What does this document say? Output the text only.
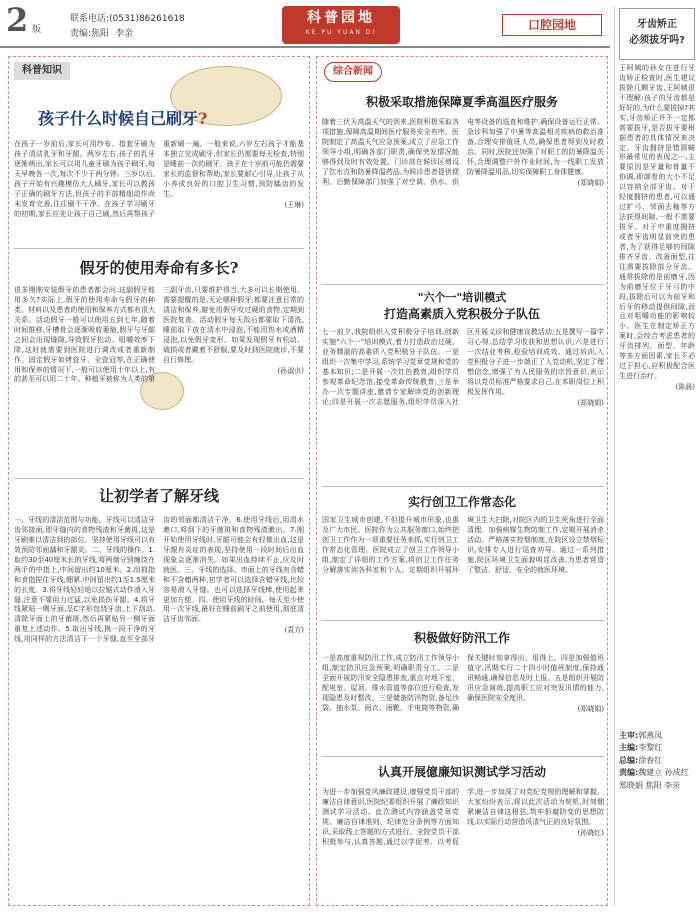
2 版
联系电话:(0531)86261618
责编:焦阳 李亲
科普园地
KE PU YUAN DI
口腔园地
科普知识
孩子什么时候自己刷牙?
在孩子一岁前后,家长可用纱布、指套牙刷为孩子清洁乳牙和牙龈。两岁左右,孩子的乳牙逐渐萌出,家长可以用儿童牙刷为孩子刷牙,每天早晚各一次,每次不少于两分钟。三岁以后,孩子开始有兴趣模仿大人刷牙,家长可以教孩子正确的刷牙方法,但孩子的手部精细动作尚未发育完善,往往刷不干净。在孩子学习刷牙的初期,家长应先让孩子自己刷,然后再帮孩子重新刷一遍。一般来说,六岁左右孩子才能基本独立完成刷牙,但家长仍需要每天检查,特别是睡前一次的刷牙。孩子在十岁前可能仍需要家长的监督和帮助,家长要耐心引导,让孩子从小养成良好的口腔卫生习惯,预防龋齿的发生。
(王琳)
假牙的使用寿命有多长?
很多刚刚安装假牙的患者都会问:这副假牙能用多久?实际上,假牙的使用寿命与假牙的种类、材料以及患者的使用和保养方式都有很大关系。活动假牙一般可以使用五到七年,随着时间推移,牙槽骨会逐渐吸收萎缩,假牙与牙龈之间会出现缝隙,导致假牙松动、咀嚼效率下降,这时就需要到医院进行调改或者重新制作。固定假牙如烤瓷牙、全瓷冠等,在正确使用和保养的情况下,一般可以使用十年以上,有的甚至可以用二十年。种植牙被称为人类的第三副牙齿,只要维护得当,大多可以长期使用。需要提醒的是,无论哪种假牙,都要注意日常的清洁和保养,避免用假牙咬过硬的食物,定期到医院复查。活动假牙每天饭后都要取下清洗,睡前取下放在清水中浸泡,不能用热水或酒精浸泡,以免假牙变形。如果发现假牙有松动、破损或者戴着不舒服,要及时到医院就诊,不要自行修理。
(孙淑贞)
让初学者了解牙线
一、牙线的清洁范围与功能。牙线可以清洁牙齿邻接面,即牙缝内的食物残渣和牙菌斑,这是牙刷难以清洁到的部位。坚持使用牙线可以有效预防邻面龋和牙龈炎。二、牙线的操作。1.取约30至40厘米长的牙线,将两端分别缠绕在两手的中指上,中间留出约10厘米。2.用拇指和食指捏住牙线,绷紧,中间留出约1至1.5厘米的长度。3.将牙线轻轻地以拉锯式动作滑入牙缝,注意不要用力过猛,以免损伤牙龈。4.将牙线紧贴一侧牙面,呈C字形包绕牙齿,上下刮动,清除牙面上的牙菌斑,然后再紧贴另一侧牙面重复上述动作。5.取出牙线,换一段干净的牙线,用同样的方法清洁下一个牙缝,直至全部牙齿的邻面都清洁干净。6.使用牙线后,用清水漱口,将刮下的牙菌斑和食物残渣漱出。7.刚开始使用牙线时,牙龈可能会有轻微出血,这是牙龈有炎症的表现,坚持使用一段时间后出血现象会逐渐消失。如果出血持续不止,应及时就医。三、牙线的选择。市面上的牙线有含蜡和不含蜡两种,初学者可以选择含蜡牙线,比较容易滑入牙缝。也可以选择牙线棒,使用起来更加方便。四、使用牙线的时间。每天至少使用一次牙线,最好在睡前刷牙之前使用,彻底清洁牙齿邻面。
(袁方)
综合新闻
积极采取措施保障夏季高温医疗服务
随着三伏天高温天气的到来,医院积极采取各项措施,保障高温期间医疗服务安全有序。医院制定了高温天气应急预案,成立了应急工作领导小组,明确各部门职责,确保突发情况能够得到及时有效处置。门诊部在候诊区增设了饮水点和防暑降温药品,为候诊患者提供便利。后勤保障部门加强了对空调、供水、供电等设备的巡查和维护,确保设备运行正常。急诊科加强了中暑等高温相关疾病的救治准备,合理安排值班人员,确保患者得到及时救治。同时,医院还加强了对职工的防暑降温关怀,合理调整户外作业时间,为一线职工发放防暑降温用品,切实保障职工身体健康。
(郑晓娟)
"六个一"培训模式
打造高素质入党积极分子队伍
七一前夕,我院组织入党积极分子培训,创新实施"六个一"培训模式,着力打造政治过硬、业务精湛的高素质入党积极分子队伍。一是组织一次集中学习,系统学习党章党规和党的基本知识;二是开展一次红色教育,组织学员参观革命纪念馆,接受革命传统教育;三是举办一次专题讲座,邀请专家解读党的创新理论;四是开展一次志愿服务,组织学员深入社区开展义诊和健康宣教活动;五是撰写一篇学习心得,总结学习收获和思想认识;六是进行一次结业考核,检验培训成效。通过培训,入党积极分子进一步端正了入党动机,坚定了理想信念,增强了为人民服务的宗旨意识,表示将以党员标准严格要求自己,在本职岗位上积极发挥作用。
(郑晓娟)
实行创卫工作常态化
国家卫生城市创建,不但提升城市形象,也惠及广大市民。医院作为公共服务窗口,始终把创卫工作作为一项重要任务来抓,实行创卫工作常态化管理。医院成立了创卫工作领导小组,制定了详细的工作方案,将创卫工作任务分解落实到各科室和个人。定期组织开展环境卫生大扫除,对院区内的卫生死角进行全面清理。加强病媒生物防制工作,定期开展消杀活动。严格落实控烟制度,在院区设立禁烟标识,安排专人进行巡查劝导。通过一系列措施,院区环境卫生面貌明显改善,为患者营造了整洁、舒适、安全的就医环境。
积极做好防汛工作
一是高度重视防汛工作,成立防汛工作领导小组,制定防汛应急预案,明确职责分工。二是全面开展防汛安全隐患排查,重点对地下室、配电室、屋顶、排水管道等部位进行检查,发现隐患及时整改。三是储备防汛物资,备足沙袋、抽水泵、雨衣、雨靴、手电筒等物资,确保关键时刻拿得出、用得上。四是加强值班值守,汛期实行二十四小时值班制度,保持通讯畅通,确保信息及时上报。五是组织开展防汛应急演练,提高职工应对突发汛情的能力,确保医院安全度汛。
(郑晓娟)
认真开展億廉知识测试学习活动
为进一步加强党风廉政建设,增强党员干部的廉洁自律意识,医院纪委组织开展了廉政知识测试学习活动。此次测试内容涵盖党章党规、廉洁自律准则、纪律处分条例等方面知识,采取线上答题的方式进行。全院党员干部积极参与,认真答题,通过以学促考、以考促学,进一步加深了对党纪党规的理解和掌握。大家纷纷表示,将以此次活动为契机,时刻绷紧廉洁自律这根弦,筑牢拒腐防变的思想防线,以实际行动营造风清气正的良好氛围。
(孙晓红)
牙齿矫正
必须拔牙吗?
王阿姨的孙女在进行牙齿矫正检查时,医生建议拔除几颗牙齿,王阿姨很不理解:孩子的牙齿都是好好的,为什么要拔掉?其实,牙齿矫正并不一定都需要拔牙,是否拔牙要根据患者的具体情况来决定。牙齿拥挤是错颌畸形最常见的表现之一,主要原因是牙量和骨量不协调,即颌骨的大小不足以容纳全部牙齿。对于轻度拥挤的患者,可以通过扩弓、邻面去釉等方法获得间隙,一般不需要拔牙。对于中重度拥挤或者牙齿明显前突的患者,为了获得足够的间隙排齐牙齿、改善面型,往往需要拔除部分牙齿。通常拔除的是前磨牙,因为前磨牙位于牙弓的中段,拔除后可以为前牙和后牙的移动提供间隙,而且对咀嚼功能的影响较小。医生在制定矫正方案时,会综合考虑患者的牙齿排列、面型、年龄等多方面因素,家长不必过于担心,应积极配合医生进行治疗。
(陈晨)
主审:郭燕凤
主编:李黎红
总编:徐春红
责编:魏建立 孙成红 郑晓娟 焦阳 李亲
